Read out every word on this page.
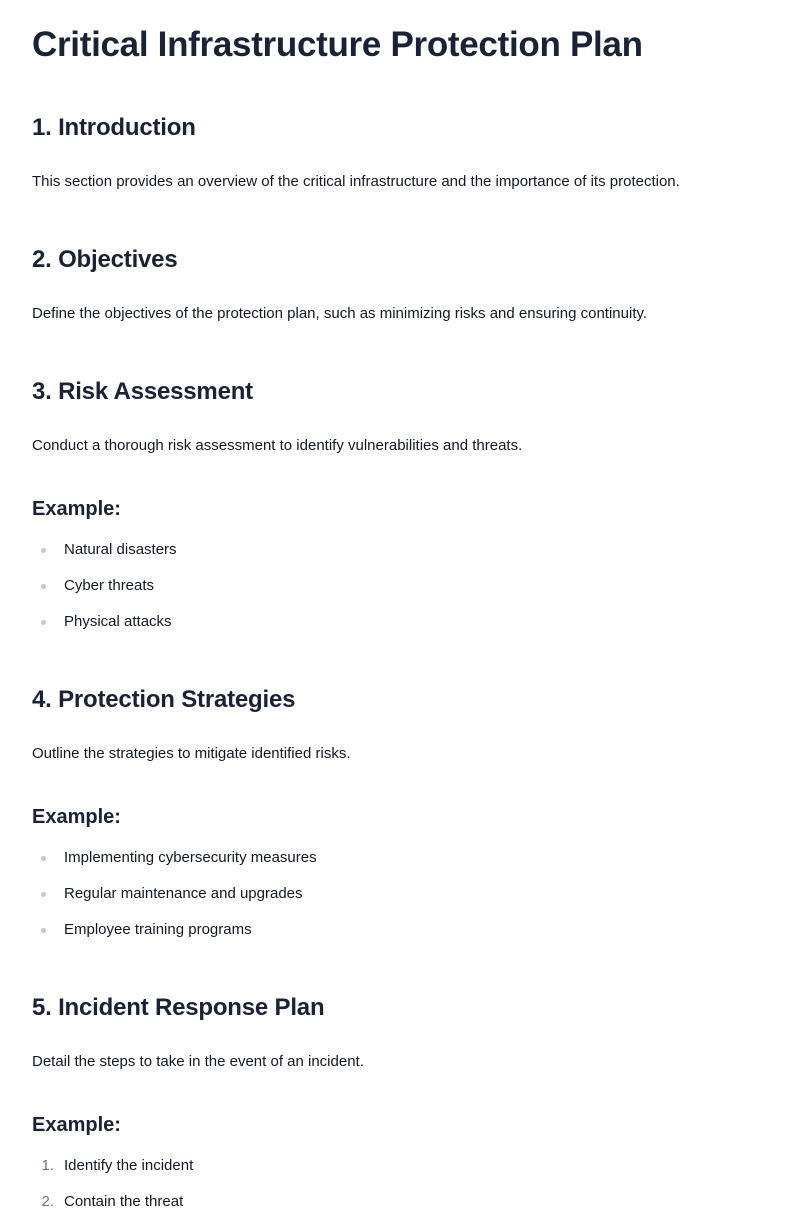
Critical Infrastructure Protection Plan
1. Introduction

This section provides an overview of the critical infrastructure and the importance of its protection.

2. Objectives

Define the objectives of the protection plan, such as minimizing risks and ensuring continuity.

3. Risk Assessment

Conduct a thorough risk assessment to identify vulnerabilities and threats.

Example:
Natural disasters
Cyber threats
Physical attacks
4. Protection Strategies

Outline the strategies to mitigate identified risks.

Example:
Implementing cybersecurity measures
Regular maintenance and upgrades
Employee training programs
5. Incident Response Plan

Detail the steps to take in the event of an incident.

Example:
1. Identify the incident
2. Contain the threat
